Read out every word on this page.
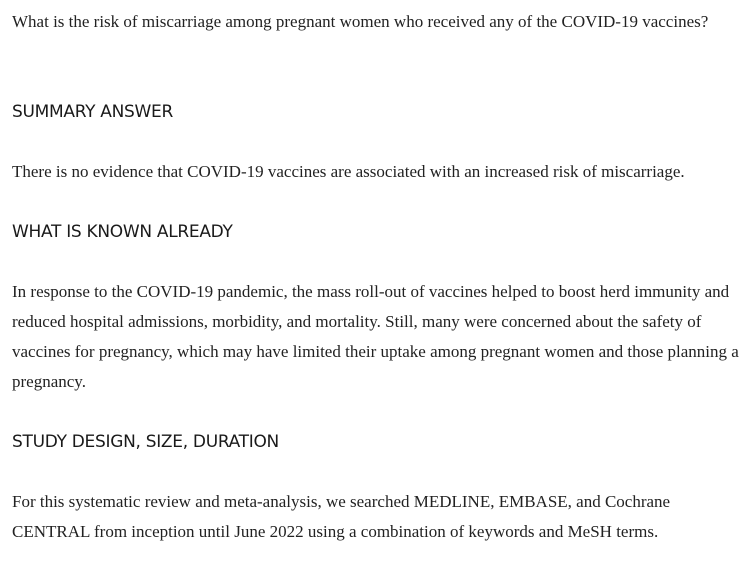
What is the risk of miscarriage among pregnant women who received any of the COVID-19 vaccines?

SUMMARY ANSWER

There is no evidence that COVID-19 vaccines are associated with an increased risk of miscarriage.

WHAT IS KNOWN ALREADY

In response to the COVID-19 pandemic, the mass roll-out of vaccines helped to boost herd immunity and reduced hospital admissions, morbidity, and mortality. Still, many were concerned about the safety of vaccines for pregnancy, which may have limited their uptake among pregnant women and those planning a pregnancy.

STUDY DESIGN, SIZE, DURATION

For this systematic review and meta-analysis, we searched MEDLINE, EMBASE, and Cochrane CENTRAL from inception until June 2022 using a combination of keywords and MeSH terms.
